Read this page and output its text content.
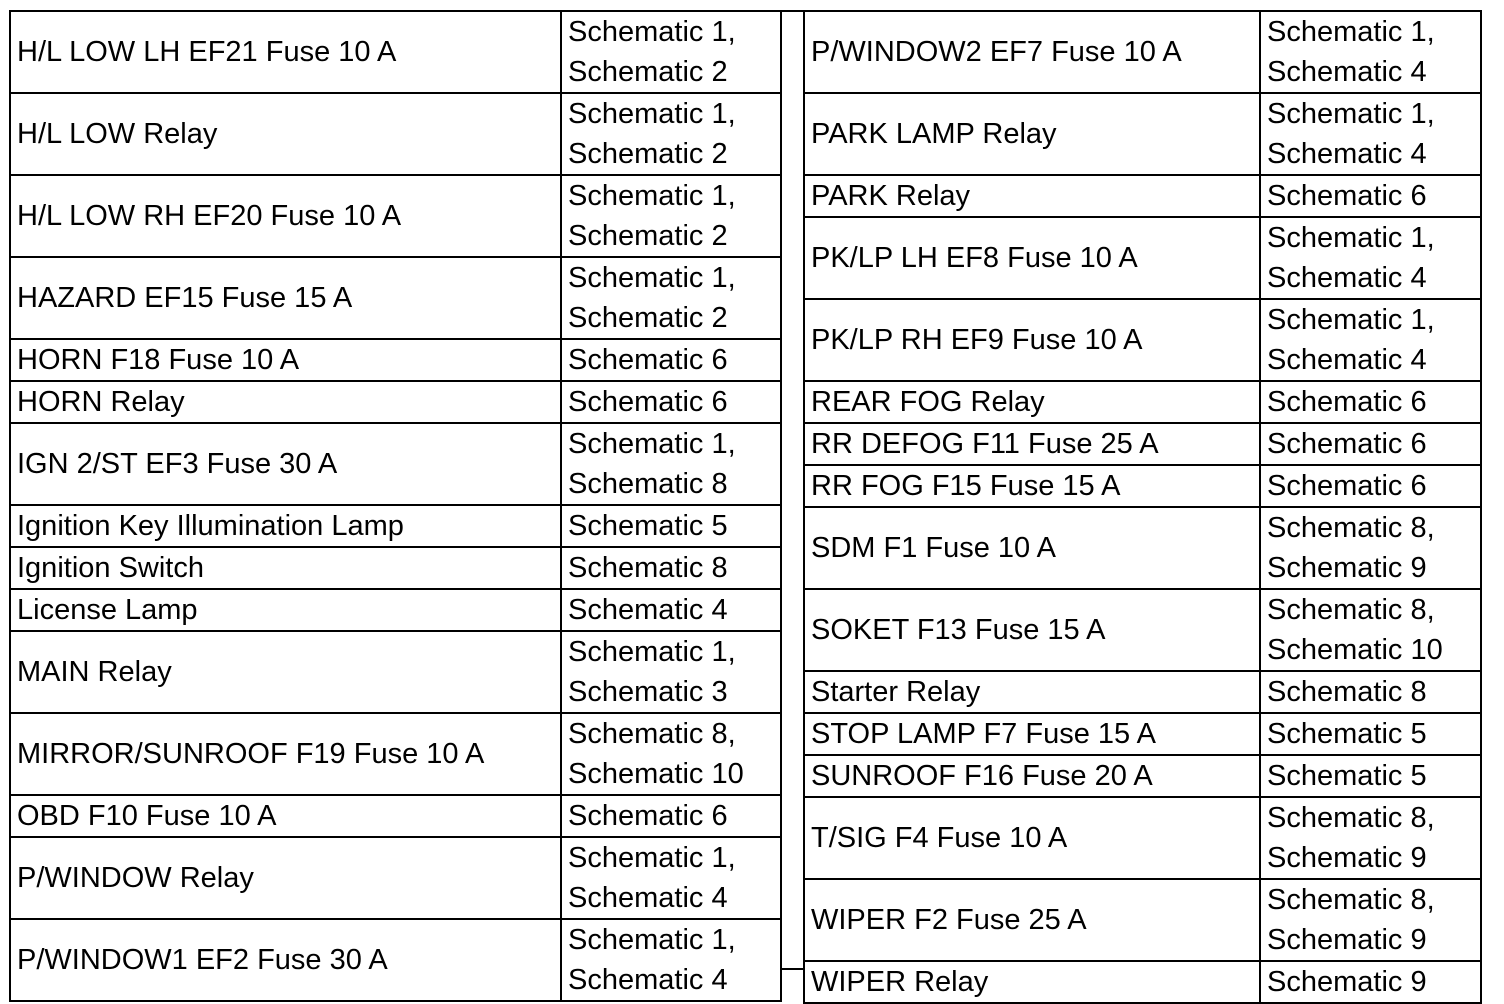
H/L LOW LH EF21 Fuse 10 A	Schematic 1,
Schematic 2

H/L LOW Relay	Schematic 1,
Schematic 2

H/L LOW RH EF20 Fuse 10 A	Schematic 1,
Schematic 2

HAZARD EF15 Fuse 15 A	Schematic 1,
Schematic 2

HORN F18 Fuse 10 A	Schematic 6

HORN Relay	Schematic 6

IGN 2/ST EF3 Fuse 30 A	Schematic 1,
Schematic 8

Ignition Key Illumination Lamp	Schematic 5

Ignition Switch	Schematic 8

License Lamp	Schematic 4

MAIN Relay	Schematic 1,
Schematic 3

MIRROR/SUNROOF F19 Fuse 10 A	Schematic 8,
Schematic 10

OBD F10 Fuse 10 A	Schematic 6

P/WINDOW Relay	Schematic 1,
Schematic 4

P/WINDOW1 EF2 Fuse 30 A	Schematic 1,
Schematic 4
P/WINDOW2 EF7 Fuse 10 A	Schematic 1,
Schematic 4

PARK LAMP Relay	Schematic 1,
Schematic 4

PARK Relay	Schematic 6

PK/LP LH EF8 Fuse 10 A	Schematic 1,
Schematic 4

PK/LP RH EF9 Fuse 10 A	Schematic 1,
Schematic 4

REAR FOG Relay	Schematic 6

RR DEFOG F11 Fuse 25 A	Schematic 6

RR FOG F15 Fuse 15 A	Schematic 6

SDM F1 Fuse 10 A	Schematic 8,
Schematic 9

SOKET F13 Fuse 15 A	Schematic 8,
Schematic 10

Starter Relay	Schematic 8

STOP LAMP F7 Fuse 15 A	Schematic 5

SUNROOF F16 Fuse 20 A	Schematic 5

T/SIG F4 Fuse 10 A	Schematic 8,
Schematic 9

WIPER F2 Fuse 25 A	Schematic 8,
Schematic 9

WIPER Relay	Schematic 9
